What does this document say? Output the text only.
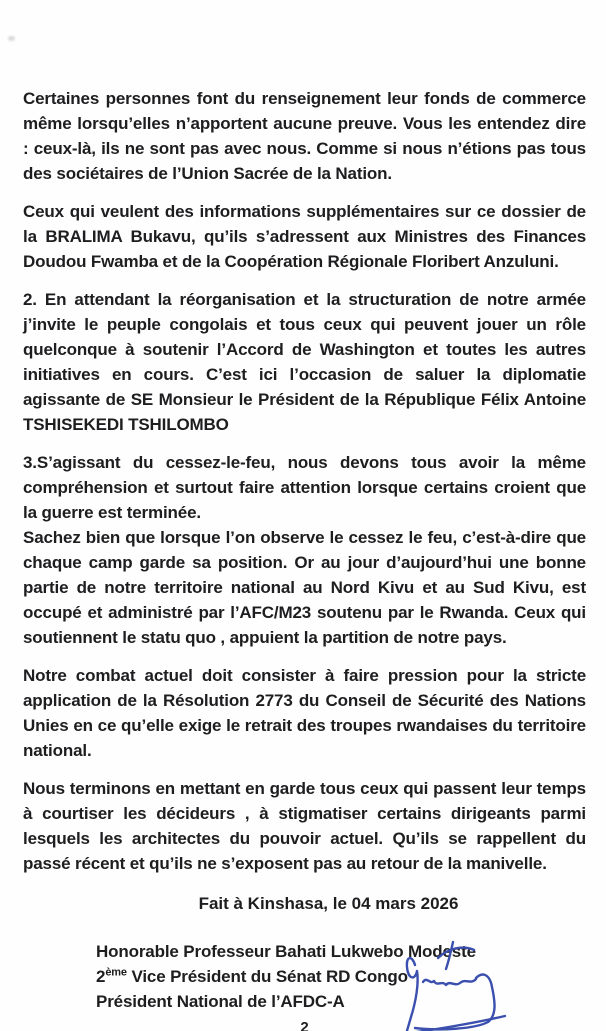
Certaines personnes font du renseignement leur fonds de commerce même lorsqu’elles n’apportent aucune preuve. Vous les entendez dire : ceux-là, ils ne sont pas avec nous. Comme si nous n’étions pas tous des sociétaires de l’Union Sacrée de la Nation.

Ceux qui veulent des informations supplémentaires sur ce dossier de la BRALIMA Bukavu, qu’ils s’adressent aux Ministres des Finances Doudou Fwamba et de la Coopération Régionale Floribert Anzuluni.

2. En attendant la réorganisation et la structuration de notre armée j’invite le peuple congolais et tous ceux qui peuvent jouer un rôle quelconque à soutenir l’Accord de Washington et toutes les autres initiatives en cours. C’est ici l’occasion de saluer la diplomatie agissante de SE Monsieur le Président de la République Félix Antoine TSHISEKEDI TSHILOMBO

3.S’agissant du cessez-le-feu, nous devons tous avoir la même compréhension et surtout faire attention lorsque certains croient que la guerre est terminée.

Sachez bien que lorsque l’on observe le cessez le feu, c’est-à-dire que chaque camp garde sa position. Or au jour d’aujourd’hui une bonne partie de notre territoire national au Nord Kivu et au Sud Kivu, est occupé et administré par l’AFC/M23 soutenu par le Rwanda. Ceux qui soutiennent le statu quo , appuient la partition de notre pays.

Notre combat actuel doit consister à faire pression pour la stricte application de la Résolution 2773 du Conseil de Sécurité des Nations Unies en ce qu’elle exige le retrait des troupes rwandaises du territoire national.

Nous terminons en mettant en garde tous ceux qui passent leur temps à courtiser les décideurs , à stigmatiser certains dirigeants parmi lesquels les architectes du pouvoir actuel. Qu’ils se rappellent du passé récent et qu’ils ne s’exposent pas au retour de la manivelle.

Fait à Kinshasa, le 04 mars 2026
Honorable Professeur Bahati Lukwebo Modeste
2ème Vice Président du Sénat RD Congo
Président National de l’AFDC-A
2
